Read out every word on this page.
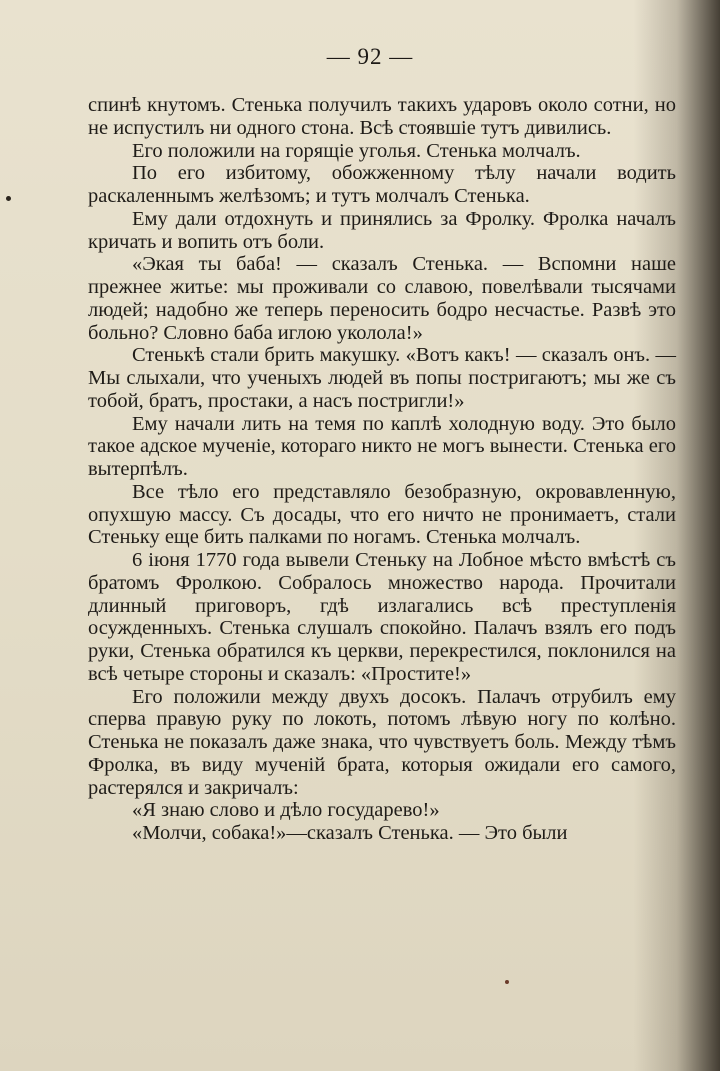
— 92 —

спинѣ кнутомъ. Стенька получилъ такихъ ударовъ около сотни, но не испустилъ ни одного стона. Всѣ стоявшіе тутъ дивились.

Его положили на горящіе уголья. Стенька молчалъ.

По его избитому, обожженному тѣлу начали водить раскаленнымъ желѣзомъ; и тутъ молчалъ Стенька.

Ему дали отдохнуть и принялись за Фролку. Фролка началъ кричать и вопить отъ боли.

«Экая ты баба! — сказалъ Стенька. — Вспомни наше прежнее житье: мы проживали со славою, повелѣвали тысячами людей; надобно же теперь переносить бодро несчастье. Развѣ это больно? Словно баба иглою уколола!»

Стенькѣ стали брить макушку. «Вотъ какъ! — сказалъ онъ. — Мы слыхали, что ученыхъ людей въ попы постригаютъ; мы же съ тобой, братъ, простаки, а насъ постригли!»

Ему начали лить на темя по каплѣ холодную воду. Это было такое адское мученіе, котораго никто не могъ вынести. Стенька его вытерпѣлъ.

Все тѣло его представляло безобразную, окровавленную, опухшую массу. Съ досады, что его ничто не пронимаетъ, стали Стеньку еще бить палками по ногамъ. Стенька молчалъ.

6 іюня 1770 года вывели Стеньку на Лобное мѣсто вмѣстѣ съ братомъ Фролкою. Собралось множество народа. Прочитали длинный приговоръ, гдѣ излагались всѣ преступленія осужденныхъ. Стенька слушалъ спокойно. Палачъ взялъ его подъ руки, Стенька обратился къ церкви, перекрестился, поклонился на всѣ четыре стороны и сказалъ: «Простите!»

Его положили между двухъ досокъ. Палачъ отрубилъ ему сперва правую руку по локоть, потомъ лѣвую ногу по колѣно. Стенька не показалъ даже знака, что чувствуетъ боль. Между тѣмъ Фролка, въ виду мученій брата, которыя ожидали его самого, растерялся и закричалъ:

«Я знаю слово и дѣло государево!»

«Молчи, собака!»—сказалъ Стенька. — Это были
